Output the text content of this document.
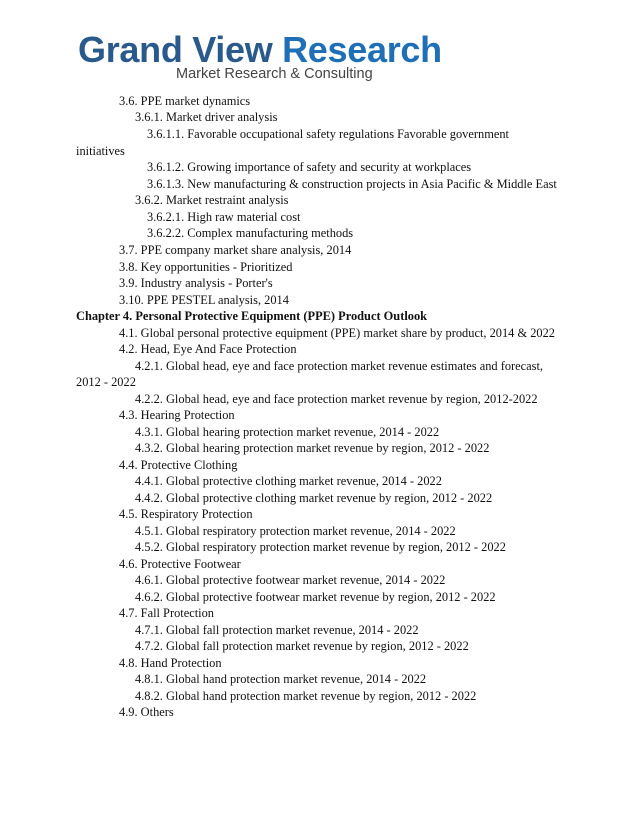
Grand View Research
Market Research & Consulting
3.6. PPE market dynamics
3.6.1. Market driver analysis
3.6.1.1. Favorable occupational safety regulations Favorable government
initiatives
3.6.1.2. Growing importance of safety and security at workplaces
3.6.1.3. New manufacturing & construction projects in Asia Pacific & Middle East
3.6.2. Market restraint analysis
3.6.2.1. High raw material cost
3.6.2.2. Complex manufacturing methods
3.7. PPE company market share analysis, 2014
3.8. Key opportunities - Prioritized
3.9. Industry analysis - Porter's
3.10. PPE PESTEL analysis, 2014
Chapter 4. Personal Protective Equipment (PPE) Product Outlook
4.1. Global personal protective equipment (PPE) market share by product, 2014 & 2022
4.2. Head, Eye And Face Protection
4.2.1. Global head, eye and face protection market revenue estimates and forecast,
2012 - 2022
4.2.2. Global head, eye and face protection market revenue by region, 2012-2022
4.3. Hearing Protection
4.3.1. Global hearing protection market revenue, 2014 - 2022
4.3.2. Global hearing protection market revenue by region, 2012 - 2022
4.4. Protective Clothing
4.4.1. Global protective clothing market revenue, 2014 - 2022
4.4.2. Global protective clothing market revenue by region, 2012 - 2022
4.5. Respiratory Protection
4.5.1. Global respiratory protection market revenue, 2014 - 2022
4.5.2. Global respiratory protection market revenue by region, 2012 - 2022
4.6. Protective Footwear
4.6.1. Global protective footwear market revenue, 2014 - 2022
4.6.2. Global protective footwear market revenue by region, 2012 - 2022
4.7. Fall Protection
4.7.1. Global fall protection market revenue, 2014 - 2022
4.7.2. Global fall protection market revenue by region, 2012 - 2022
4.8. Hand Protection
4.8.1. Global hand protection market revenue, 2014 - 2022
4.8.2. Global hand protection market revenue by region, 2012 - 2022
4.9. Others
